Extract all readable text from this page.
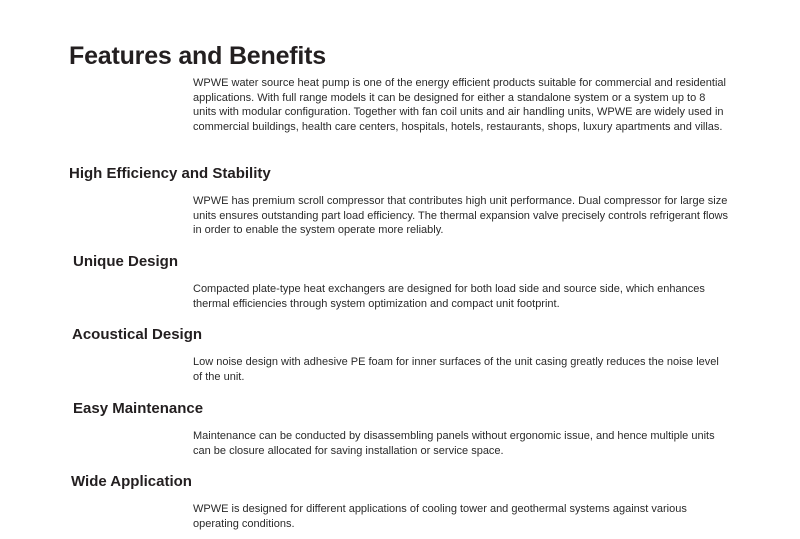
Features and Benefits

WPWE water source heat pump is one of the energy efficient products suitable for commercial and residential applications. With full range models it can be designed for either a standalone system or a system up to 8 units with modular configuration. Together with fan coil units and air handling units, WPWE are widely used in commercial buildings, health care centers, hospitals, hotels, restaurants, shops, luxury apartments and villas.

High Efficiency and Stability

WPWE has premium scroll compressor that contributes high unit performance. Dual compressor for large size units ensures outstanding part load efficiency. The thermal expansion valve precisely controls refrigerant flows in order to enable the system operate more reliably.

Unique Design

Compacted plate-type heat exchangers are designed for both load side and source side, which enhances thermal efficiencies through system optimization and compact unit footprint.

Acoustical Design

Low noise design with adhesive PE foam for inner surfaces of the unit casing greatly reduces the noise level of the unit.

Easy Maintenance

Maintenance can be conducted by disassembling panels without ergonomic issue, and hence multiple units can be closure allocated for saving installation or service space.

Wide Application

WPWE is designed for different applications of cooling tower and geothermal systems against various operating conditions.
